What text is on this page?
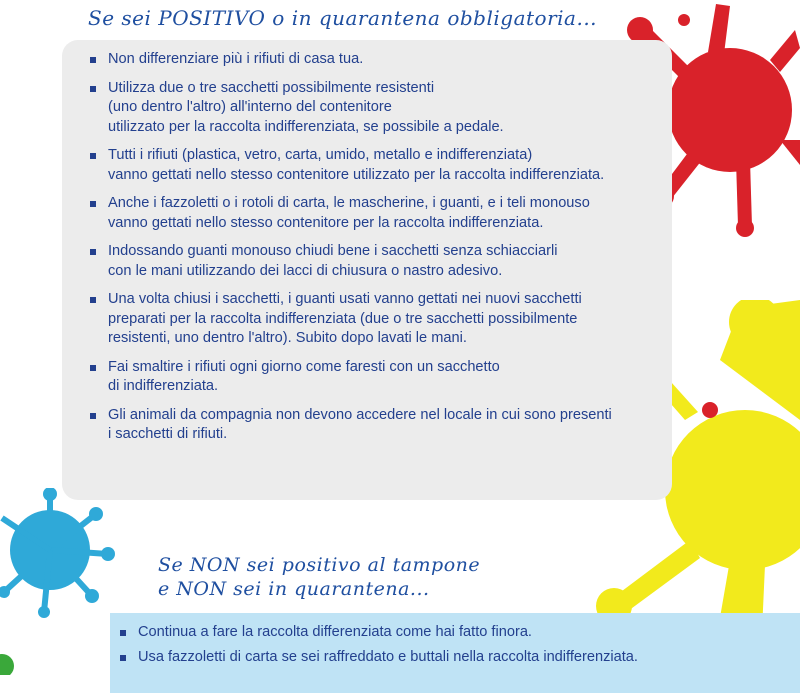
Se sei POSITIVO o in quarantena obbligatoria...
Non differenziare più i rifiuti di casa tua.
Utilizza due o tre sacchetti possibilmente resistenti
(uno dentro l'altro) all'interno del contenitore
utilizzato per la raccolta indifferenziata, se possibile a pedale.
Tutti i rifiuti (plastica, vetro, carta, umido, metallo e indifferenziata)
vanno gettati nello stesso contenitore utilizzato per la raccolta indifferenziata.
Anche i fazzoletti o i rotoli di carta, le mascherine, i guanti, e i teli monouso
vanno gettati nello stesso contenitore per la raccolta indifferenziata.
Indossando guanti monouso chiudi bene i sacchetti senza schiacciarli
con le mani utilizzando dei lacci di chiusura o nastro adesivo.
Una volta chiusi i sacchetti, i guanti usati vanno gettati nei nuovi sacchetti
preparati per la raccolta indifferenziata (due o tre sacchetti possibilmente
resistenti, uno dentro l'altro). Subito dopo lavati le mani.
Fai smaltire i rifiuti ogni giorno come faresti con un sacchetto
di indifferenziata.
Gli animali da compagnia non devono accedere nel locale in cui sono presenti
i sacchetti di rifiuti.
Se NON sei positivo al tampone
e NON sei in quarantena...
Continua a fare la raccolta differenziata come hai fatto finora.
Usa fazzoletti di carta se sei raffreddato e buttali nella raccolta indifferenziata.
